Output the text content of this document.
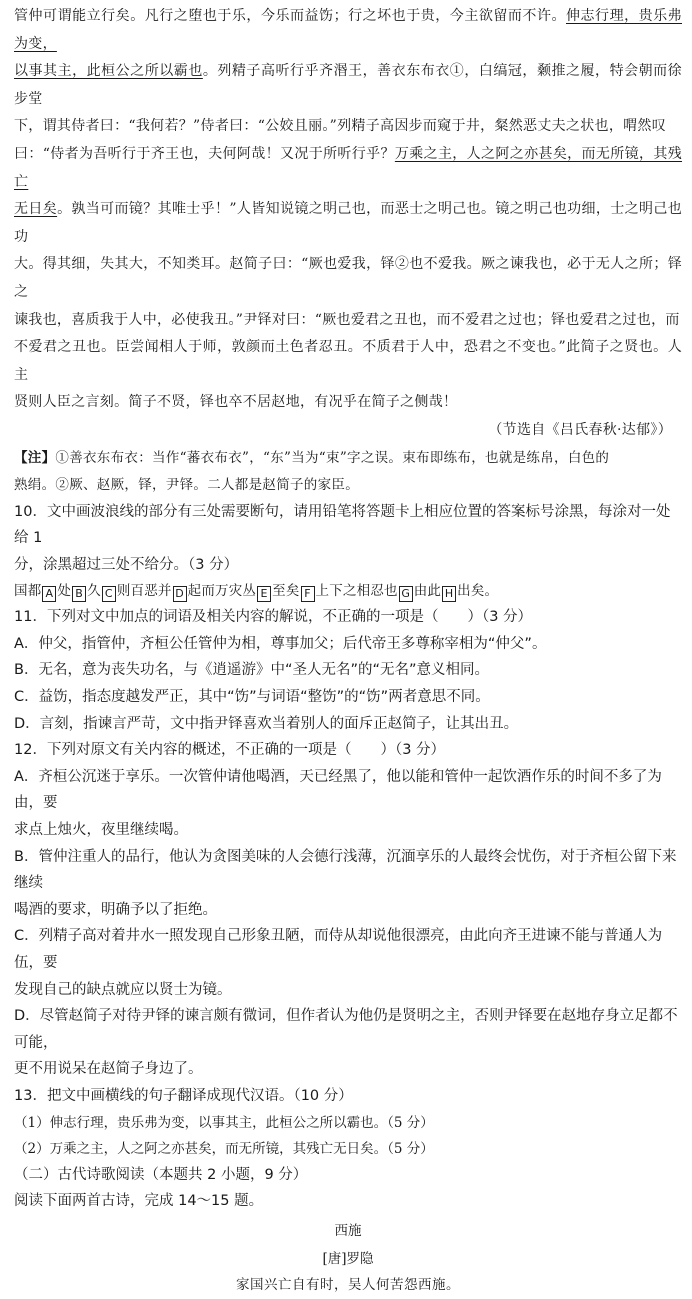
管仲可谓能立行矣。凡行之堕也于乐，今乐而益饬；行之坏也于贵，今主欲留而不许。伸志行理，贵乐弗为变，

以事其主，此桓公之所以霸也。列精子高听行乎齐湣王，善衣东布衣①，白缟冠，颡推之履，特会朝而徐步堂

下，谓其侍者曰：“我何若？”侍者曰：“公姣且丽。”列精子高因步而窥于井，粲然恶丈夫之状也，喟然叹

曰：“侍者为吾听行于齐王也，夫何阿哉！又况于所听行乎？万乘之主，人之阿之亦甚矣，而无所镜，其残亡

无日矣。孰当可而镜？其唯士乎！”人皆知说镜之明己也，而恶士之明己也。镜之明己也功细，士之明己也功

大。得其细，失其大，不知类耳。赵简子曰：“厥也爱我，铎②也不爱我。厥之谏我也，必于无人之所；铎之

谏我也，喜质我于人中，必使我丑。”尹铎对曰：“厥也爱君之丑也，而不爱君之过也；铎也爱君之过也，而

不爱君之丑也。臣尝闻相人于师，敦颜而土色者忍丑。不质君于人中，恐君之不变也。”此简子之贤也。人主

贤则人臣之言刻。简子不贤，铎也卒不居赵地，有况乎在简子之侧哉！

（节选自《吕氏春秋·达郁》）

【注】①善衣东布衣：当作“蕃衣布衣”，“东”当为“束”字之误。束布即练布，也就是练帛，白色的

熟绢。②厥、赵厥，铎，尹铎。二人都是赵简子的家臣。

10．文中画波浪线的部分有三处需要断句，请用铅笔将答题卡上相应位置的答案标号涂黑，每涂对一处给 1

分，涂黑超过三处不给分。（3 分）

国都 A 处 B 久 C 则百恶并 D 起而万灾丛 E 至矣 F 上下之相忍也 G 由此 H 出矣。

11．下列对文中加点的词语及相关内容的解说，不正确的一项是（　　）（3 分）

A．仲父，指管仲，齐桓公任管仲为相，尊事加父；后代帝王多尊称宰相为“仲父”。

B．无名，意为丧失功名，与《逍遥游》中“圣人无名”的“无名”意义相同。

C．益饬，指态度越发严正，其中“饬”与词语“整饬”的“饬”两者意思不同。

D．言刻，指谏言严苛，文中指尹铎喜欢当着别人的面斥正赵简子，让其出丑。

12．下列对原文有关内容的概述，不正确的一项是（　　）（3 分）

A．齐桓公沉迷于享乐。一次管仲请他喝酒，天已经黑了，他以能和管仲一起饮酒作乐的时间不多了为由，要

求点上烛火，夜里继续喝。

B．管仲注重人的品行，他认为贪图美味的人会德行浅薄，沉湎享乐的人最终会忧伤，对于齐桓公留下来继续

喝酒的要求，明确予以了拒绝。

C．列精子高对着井水一照发现自己形象丑陋，而侍从却说他很漂亮，由此向齐王进谏不能与普通人为伍，要

发现自己的缺点就应以贤士为镜。

D．尽管赵简子对待尹铎的谏言颇有微词，但作者认为他仍是贤明之主，否则尹铎要在赵地存身立足都不可能，

更不用说呆在赵简子身边了。

13．把文中画横线的句子翻译成现代汉语。（10 分）

（1）伸志行理，贵乐弗为变，以事其主，此桓公之所以霸也。（5 分）
（2）万乘之主，人之阿之亦甚矣，而无所镜，其残亡无日矣。（5 分）

（二）古代诗歌阅读（本题共 2 小题，9 分）

阅读下面两首古诗，完成 14～15 题。

西施
[唐]罗隐
家国兴亡自有时，吴人何苦怨西施。
